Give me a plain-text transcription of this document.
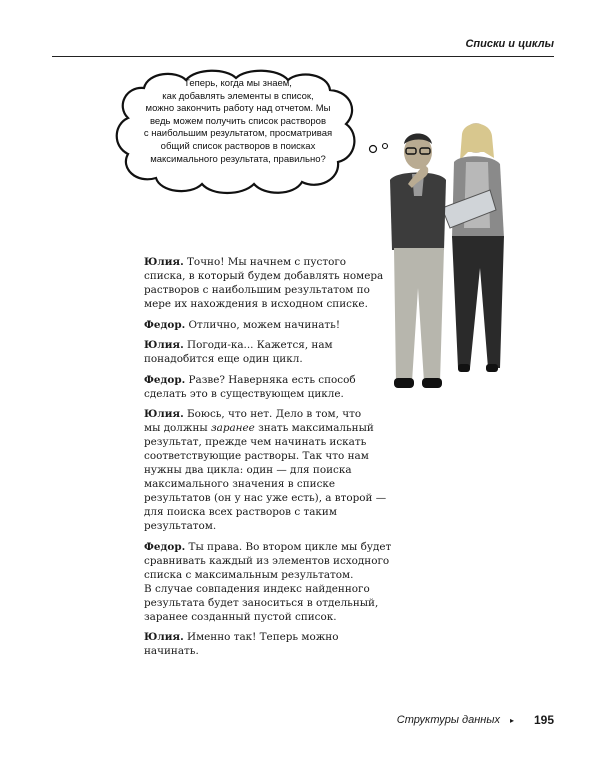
Списки и циклы
Теперь, когда мы знаем,
как добавлять элементы в список,
можно закончить работу над отчетом. Мы
ведь можем получить список растворов
с наибольшим результатом, просматривая
общий список растворов в поисках
максимального результата, правильно?

Юлия. Точно! Мы начнем с пустого
списка, в который будем добавлять номера
растворов с наибольшим результатом по
мере их нахождения в исходном списке.

Федор. Отлично, можем начинать!

Юлия. Погоди-ка... Кажется, нам
понадобится еще один цикл.

Федор. Разве? Наверняка есть способ
сделать это в существующем цикле.

Юлия. Боюсь, что нет. Дело в том, что
мы должны заранее знать максимальный
результат, прежде чем начинать искать
соответствующие растворы. Так что нам
нужны два цикла: один — для поиска
максимального значения в списке
результатов (он у нас уже есть), а второй —
для поиска всех растворов с таким
результатом.

Федор. Ты права. Во втором цикле мы будет
сравнивать каждый из элементов исходного
списка с максимальным результатом.
В случае совпадения индекс найденного
результата будет заноситься в отдельный,
заранее созданный пустой список.

Юлия. Именно так! Теперь можно
начинать.

Структуры данных ▸ 195
